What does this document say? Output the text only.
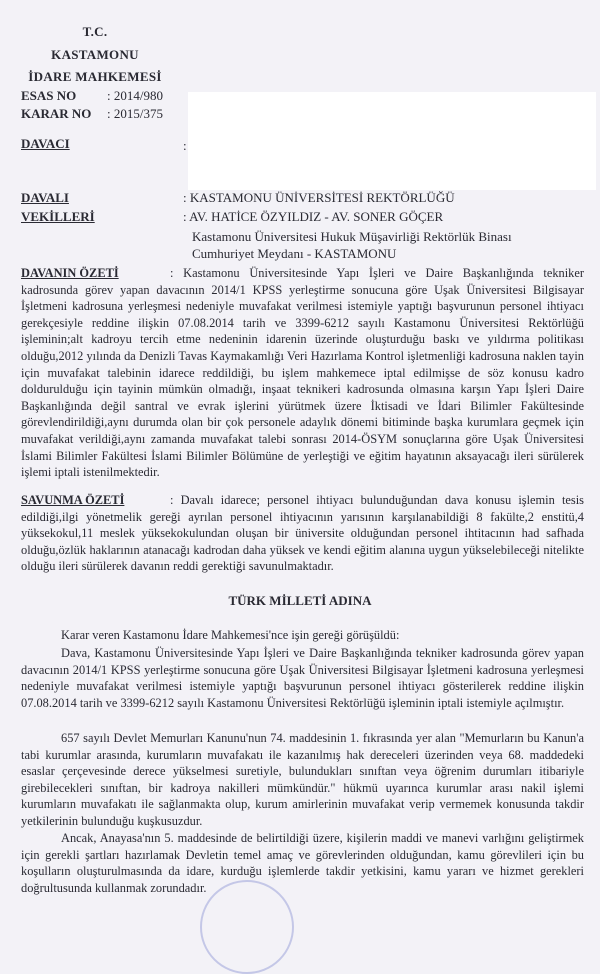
T.C.
KASTAMONU
İDARE MAHKEMESİ
ESAS NO : 2014/980
KARAR NO : 2015/375
DAVACI	:
DAVALI	: KASTAMONU ÜNİVERSİTESİ REKTÖRLÜĞÜ
VEKİLLERİ	: AV. HATİCE ÖZYILDIZ - AV. SONER GÖÇER
Kastamonu Üniversitesi Hukuk Müşavirliği Rektörlük Binası
Cumhuriyet Meydanı - KASTAMONU
DAVANIN ÖZETİ	: Kastamonu Üniversitesinde Yapı İşleri ve Daire Başkanlığında tekniker kadrosunda görev yapan davacının 2014/1 KPSS yerleştirme sonucuna göre Uşak Üniversitesi Bilgisayar İşletmeni kadrosuna yerleşmesi nedeniyle muvafakat verilmesi istemiyle yaptığı başvurunun personel ihtiyacı gerekçesiyle reddine ilişkin 07.08.2014 tarih ve 3399-6212 sayılı Kastamonu Üniversitesi Rektörlüğü işleminin;alt kadroyu tercih etme nedeninin idarenin üzerinde oluşturduğu baskı ve yıldırma politikası olduğu,2012 yılında da Denizli Tavas Kaymakamlığı Veri Hazırlama Kontrol işletmenliği kadrosuna naklen tayin için muvafakat talebinin idarece reddildiği, bu işlem mahkemece iptal edilmişse de söz konusu kadro doldurulduğu için tayinin mümkün olmadığı, inşaat teknikeri kadrosunda olmasına karşın Yapı İşleri Daire Başkanlığında değil santral ve evrak işlerini yürütmek üzere İktisadi ve İdari Bilimler Fakültesinde görevlendirildiği,aynı durumda olan bir çok personele adaylık dönemi bitiminde başka kurumlara geçmek için muvafakat verildiği,aynı zamanda muvafakat talebi sonrası 2014-ÖSYM sonuçlarına göre Uşak Üniversitesi İslami Bilimler Fakültesi İslami Bilimler Bölümüne de yerleştiği ve eğitim hayatının aksayacağı ileri sürülerek işlemi iptali istenilmektedir.
SAVUNMA ÖZETİ	: Davalı idarece; personel ihtiyacı bulunduğundan dava konusu işlemin tesis edildiği,ilgi yönetmelik gereği ayrılan personel ihtiyacının yarısının karşılanabildiği 8 fakülte,2 enstitü,4 yüksekokul,11 meslek yüksekokulundan oluşan bir üniversite olduğundan personel ihtitacının had safhada olduğu,özlük haklarının atanacağı kadrodan daha yüksek ve kendi eğitim alanına uygun yükselebileceği nitelikte olduğu ileri sürülerek davanın reddi gerektiği savunulmaktadır.
TÜRK MİLLETİ ADINA
Karar veren Kastamonu İdare Mahkemesi'nce işin gereği görüşüldü:
Dava, Kastamonu Üniversitesinde Yapı İşleri ve Daire Başkanlığında tekniker kadrosunda görev yapan davacının 2014/1 KPSS yerleştirme sonucuna göre Uşak Üniversitesi Bilgisayar İşletmeni kadrosuna yerleşmesi nedeniyle muvafakat verilmesi istemiyle yaptığı başvurunun personel ihtiyacı gösterilerek reddine ilişkin 07.08.2014 tarih ve 3399-6212 sayılı Kastamonu Üniversitesi Rektörlüğü işleminin iptali istemiyle açılmıştır.
657 sayılı Devlet Memurları Kanunu'nun 74. maddesinin 1. fıkrasında yer alan "Memurların bu Kanun'a tabi kurumlar arasında, kurumların muvafakatı ile kazanılmış hak dereceleri üzerinden veya 68. maddedeki esaslar çerçevesinde derece yükselmesi suretiyle, bulundukları sınıftan veya öğrenim durumları itibariyle girebilecekleri sınıftan, bir kadroya nakilleri mümkündür." hükmü uyarınca kurumlar arası nakil işlemi kurumların muvafakatı ile sağlanmakta olup, kurum amirlerinin muvafakat verip vermemek konusunda takdir yetkilerinin bulunduğu kuşkusuzdur.
Ancak, Anayasa'nın 5. maddesinde de belirtildiği üzere, kişilerin maddi ve manevi varlığını geliştirmek için gerekli şartları hazırlamak Devletin temel amaç ve görevlerinden olduğundan, kamu görevlileri için bu koşulların oluşturulmasında da idare, kurduğu işlemlerde takdir yetkisini, kamu yararı ve hizmet gerekleri doğrultusunda kullanmak zorundadır.
